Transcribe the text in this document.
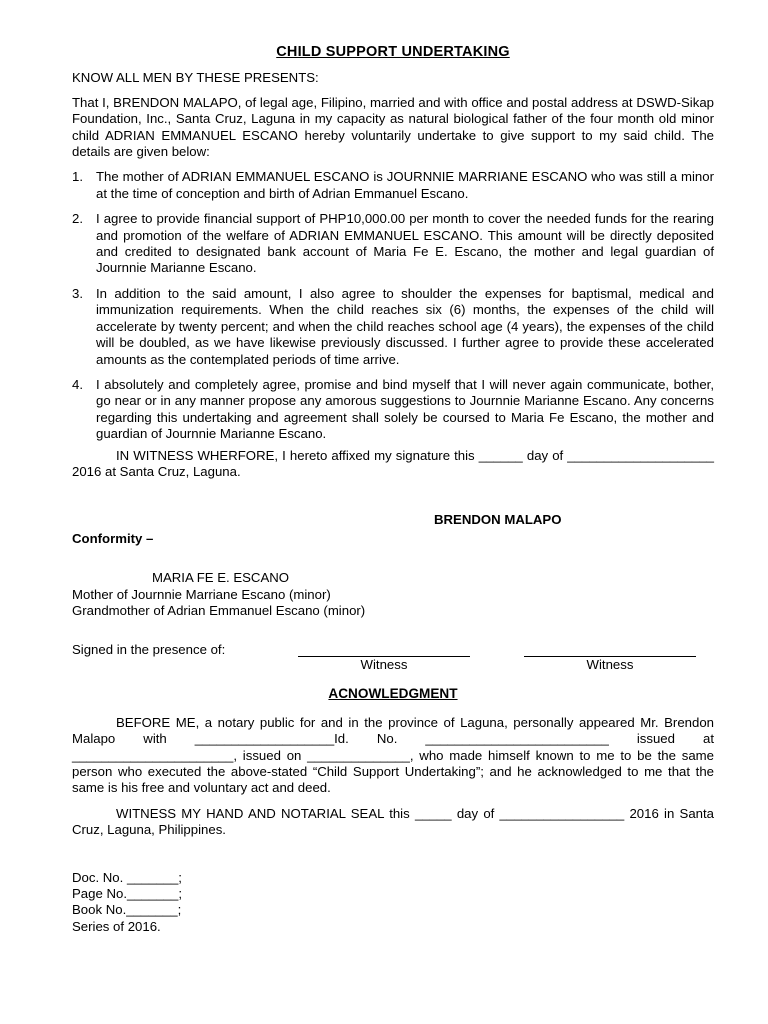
CHILD SUPPORT UNDERTAKING

KNOW ALL MEN BY THESE PRESENTS:

That I, BRENDON MALAPO, of legal age, Filipino, married and with office and postal address at DSWD-Sikap Foundation, Inc., Santa Cruz, Laguna in my capacity as natural biological father of the four month old minor child ADRIAN EMMANUEL ESCANO hereby voluntarily undertake to give support to my said child. The details are given below:

1. The mother of ADRIAN EMMANUEL ESCANO is JOURNNIE MARRIANE ESCANO who was still a minor at the time of conception and birth of Adrian Emmanuel Escano.
2. I agree to provide financial support of PHP10,000.00 per month to cover the needed funds for the rearing and promotion of the welfare of ADRIAN EMMANUEL ESCANO. This amount will be directly deposited and credited to designated bank account of Maria Fe E. Escano, the mother and legal guardian of Journnie Marianne Escano.
3. In addition to the said amount, I also agree to shoulder the expenses for baptismal, medical and immunization requirements. When the child reaches six (6) months, the expenses of the child will accelerate by twenty percent; and when the child reaches school age (4 years), the expenses of the child will be doubled, as we have likewise previously discussed. I further agree to provide these accelerated amounts as the contemplated periods of time arrive.
4. I absolutely and completely agree, promise and bind myself that I will never again communicate, bother, go near or in any manner propose any amorous suggestions to Journnie Marianne Escano. Any concerns regarding this undertaking and agreement shall solely be coursed to Maria Fe Escano, the mother and guardian of Journnie Marianne Escano.

IN WITNESS WHERFORE, I hereto affixed my signature this ______ day of ____________________ 2016 at Santa Cruz, Laguna.

BRENDON MALAPO

Conformity –

MARIA FE E. ESCANO

Mother of Journnie Marriane Escano (minor)

Grandmother of Adrian Emmanuel Escano (minor)

Signed in the presence of:
Witness	Witness

ACNOWLEDGMENT

BEFORE ME, a notary public for and in the province of Laguna, personally appeared Mr. Brendon Malapo with ___________________Id. No. _________________________ issued at ______________________, issued on ______________, who made himself known to me to be the same person who executed the above-stated “Child Support Undertaking”; and he acknowledged to me that the same is his free and voluntary act and deed.

WITNESS MY HAND AND NOTARIAL SEAL this _____ day of _________________ 2016 in Santa Cruz, Laguna, Philippines.

Doc. No. _______;

Page No._______;

Book No._______;

Series of 2016.
